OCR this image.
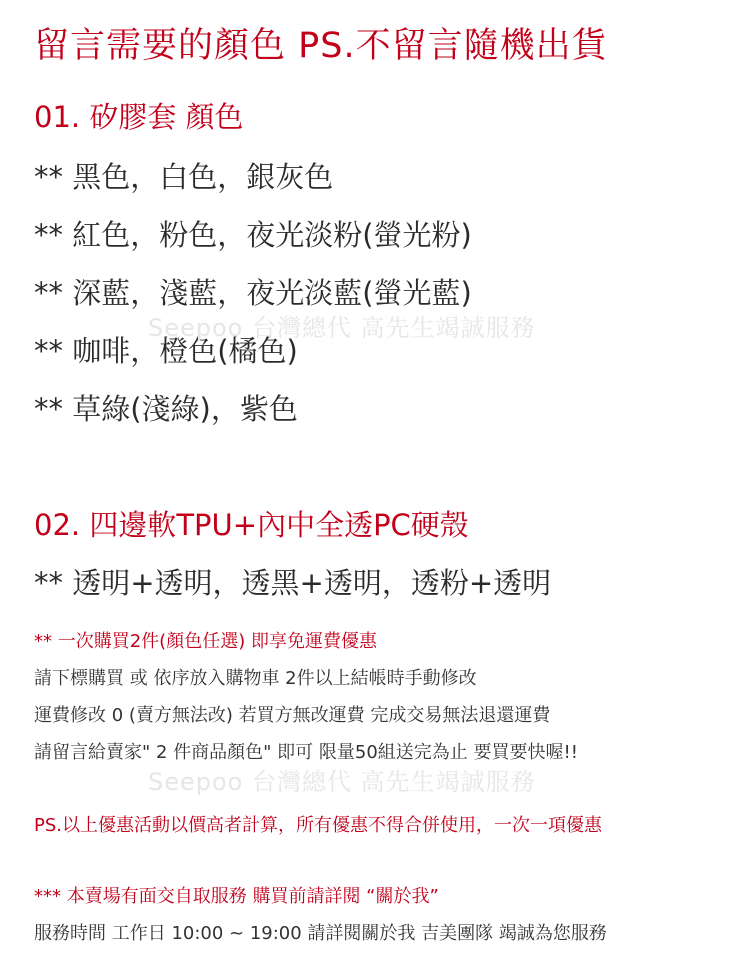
留言需要的顏色 PS.不留言隨機出貨
01. 矽膠套 顏色
** 黑色，白色，銀灰色
** 紅色，粉色，夜光淡粉(螢光粉)
** 深藍，淺藍，夜光淡藍(螢光藍)
** 咖啡，橙色(橘色)
** 草綠(淺綠)，紫色
02. 四邊軟TPU+內中全透PC硬殼
** 透明+透明，透黑+透明，透粉+透明
** 一次購買2件(顏色任選) 即享免運費優惠
請下標購買 或 依序放入購物車 2件以上結帳時手動修改
運費修改 0 (賣方無法改) 若買方無改運費 完成交易無法退還運費
請留言給賣家" 2 件商品顏色" 即可 限量50組送完為止 要買要快喔!!
PS.以上優惠活動以價高者計算，所有優惠不得合併使用，一次一項優惠
*** 本賣場有面交自取服務 購買前請詳閱 “關於我”
服務時間 工作日 10:00 ~ 19:00 請詳閱關於我 吉美團隊 竭誠為您服務
Seepoo 台灣總代 高先生竭誠服務
Seepoo 台灣總代 高先生竭誠服務
